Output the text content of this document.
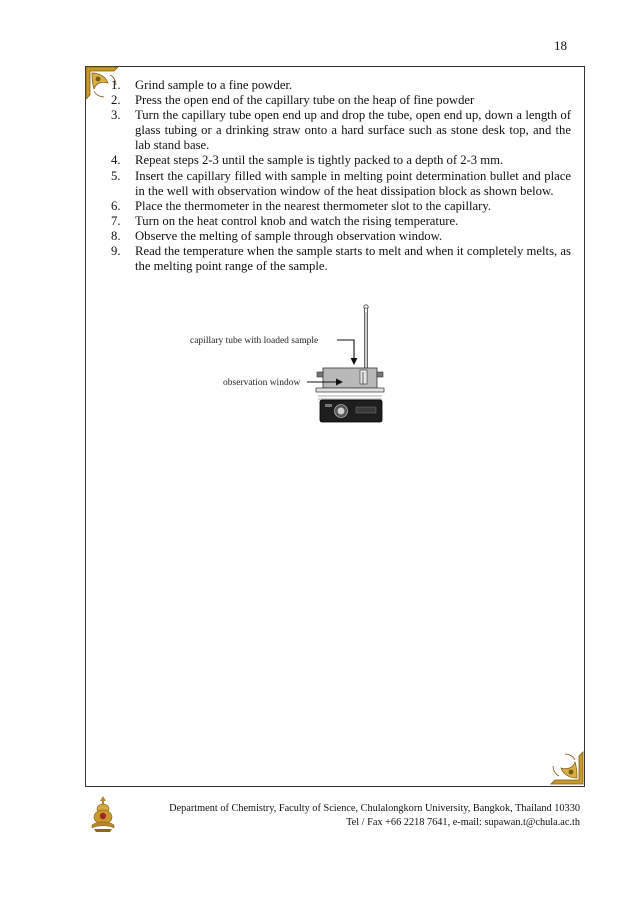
18
1. Grind sample to a fine powder.
2. Press the open end of the capillary tube on the heap of fine powder
3. Turn the capillary tube open end up and drop the tube, open end up, down a length of glass tubing or a drinking straw onto a hard surface such as stone desk top, and the lab stand base.
4. Repeat steps 2-3 until the sample is tightly packed to a depth of 2-3 mm.
5. Insert the capillary filled with sample in melting point determination bullet and place in the well with observation window of the heat dissipation block as shown below.
6. Place the thermometer in the nearest thermometer slot to the capillary.
7. Turn on the heat control knob and watch the rising temperature.
8. Observe the melting of sample through observation window.
9. Read the temperature when the sample starts to melt and when it completely melts, as the melting point range of the sample.
capillary tube with loaded sample
observation window
Department of Chemistry, Faculty of Science, Chulalongkorn University, Bangkok, Thailand 10330
Tel / Fax +66 2218 7641, e-mail: supawan.t@chula.ac.th
